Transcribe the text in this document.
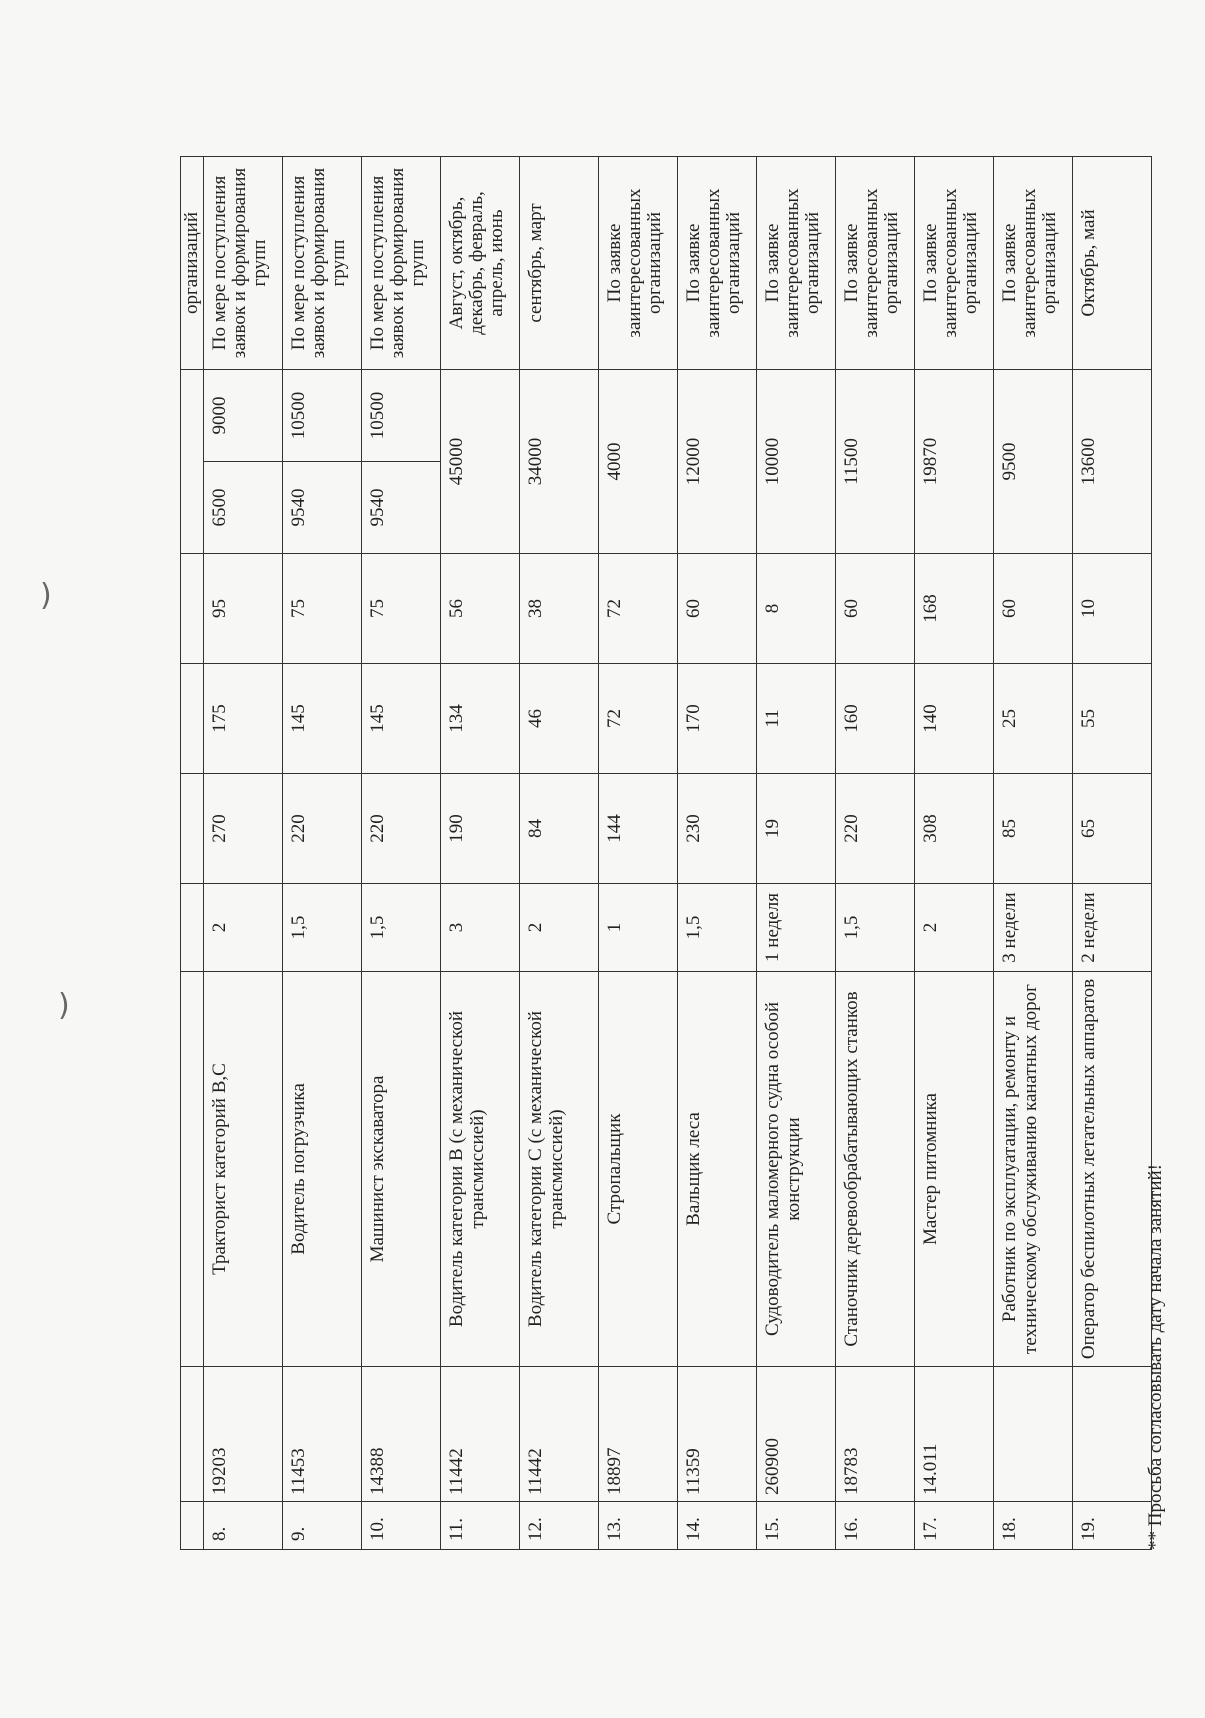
									организаций
8.	19203	Тракторист категорий B,C	2	270	175	95	6500	9000	По мере поступления заявок и формирования групп
9.	11453	Водитель погрузчика	1,5	220	145	75	9540	10500	По мере поступления заявок и формирования групп
10.	14388	Машинист экскаватора	1,5	220	145	75	9540	10500	По мере поступления заявок и формирования групп
11.	11442	Водитель категории В (с механической трансмиссией)	3	190	134	56	45000		Август, октябрь, декабрь, февраль, апрель, июнь
12.	11442	Водитель категории С (с механической трансмиссией)	2	84	46	38	34000		сентябрь, март
13.	18897	Стропальщик	1	144	72	72	4000		По заявке заинтересованных организаций
14.	11359	Вальщик леса	1,5	230	170	60	12000		По заявке заинтересованных организаций
15.	260900	Судоводитель маломерного судна особой конструкции	1 неделя	19	11	8	10000		По заявке заинтересованных организаций
16.	18783	Станочник деревообрабатывающих станков	1,5	220	160	60	11500		По заявке заинтересованных организаций
17.	14.011	Мастер питомника	2	308	140	168	19870		По заявке заинтересованных организаций
18.		Работник по эксплуатации, ремонту и техническому обслуживанию канатных дорог	3 недели	85	25	60	9500		По заявке заинтересованных организаций
19.		Оператор беспилотных летательных аппаратов	2 недели	65	55	10	13600		Октябрь, май
** Просьба согласовывать дату начала занятий!
)
)
